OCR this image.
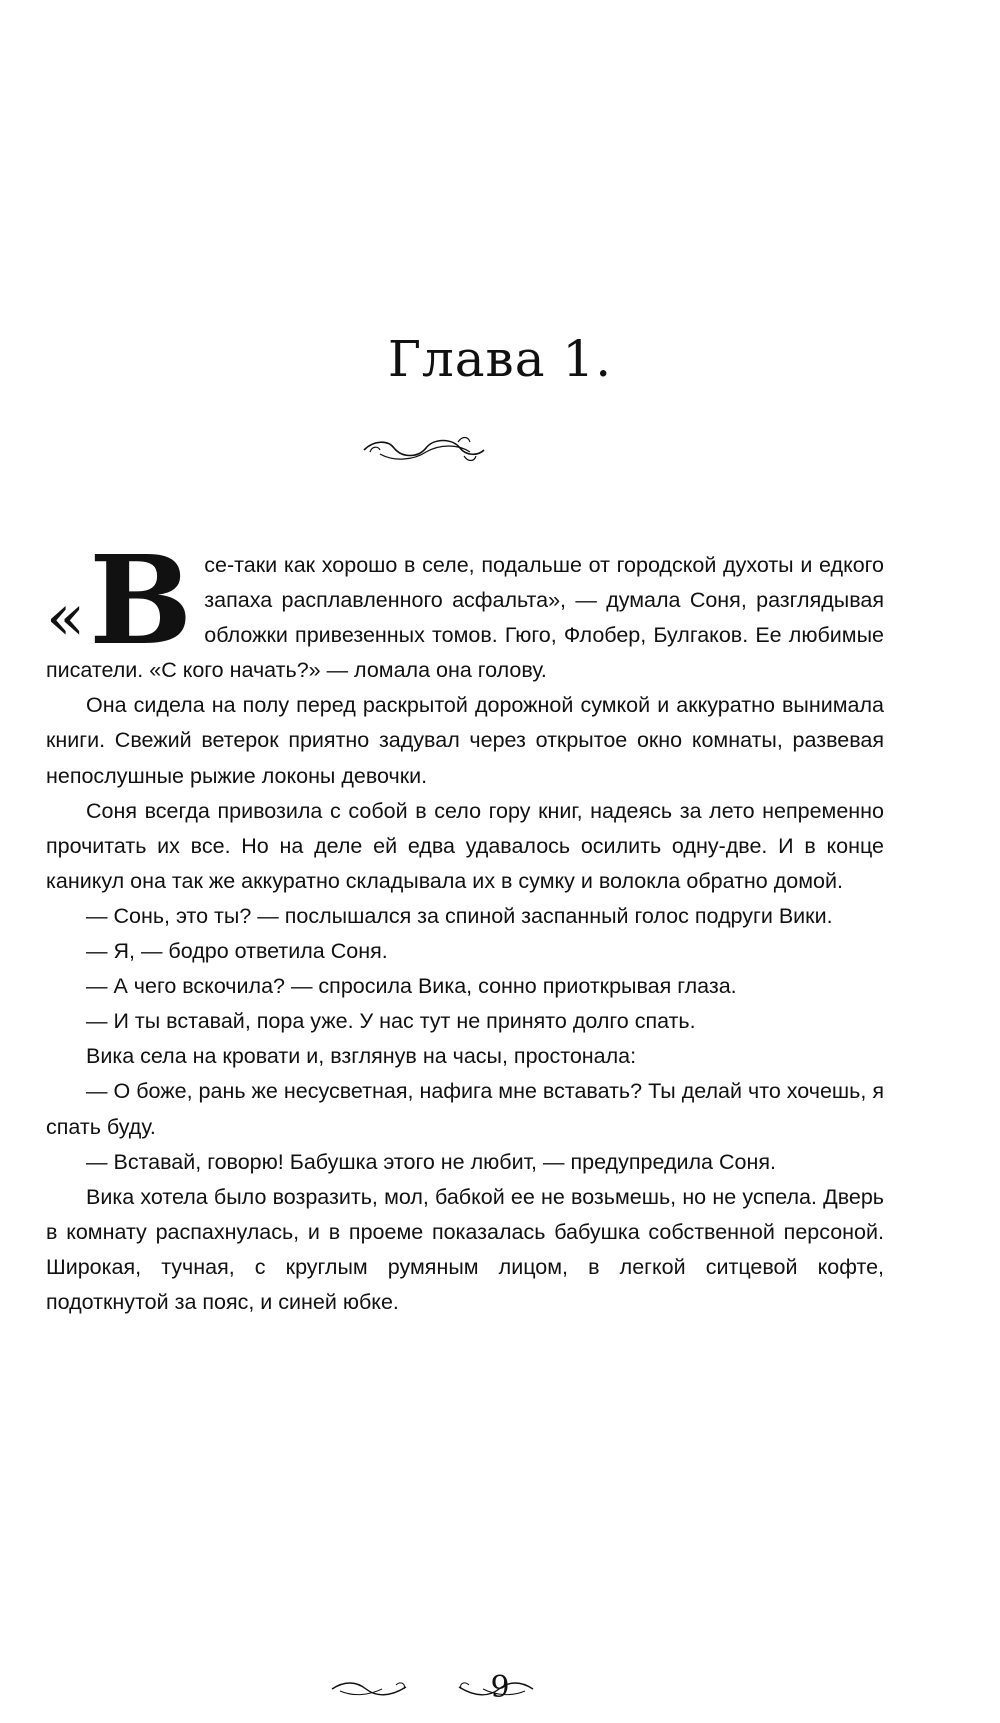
Глава 1.

« В се-таки как хорошо в селе, подальше от городской духоты и едкого запаха расплавленного асфальта», — думала Соня, разглядывая обложки привезенных томов. Гюго, Флобер, Булгаков. Ее любимые писатели. «С кого начать?» — ломала она голову.

Она сидела на полу перед раскрытой дорожной сумкой и аккуратно вынимала книги. Свежий ветерок приятно задувал через открытое окно комнаты, развевая непослушные рыжие локоны девочки.

Соня всегда привозила с собой в село гору книг, надеясь за лето непременно прочитать их все. Но на деле ей едва удавалось осилить одну-две. И в конце каникул она так же аккуратно складывала их в сумку и волокла обратно домой.

— Сонь, это ты? — послышался за спиной заспанный голос подруги Вики.

— Я, — бодро ответила Соня.

— А чего вскочила? — спросила Вика, сонно приоткрывая глаза.

— И ты вставай, пора уже. У нас тут не принято долго спать.

Вика села на кровати и, взглянув на часы, простонала:

— О боже, рань же несусветная, нафига мне вставать? Ты делай что хочешь, я спать буду.

— Вставай, говорю! Бабушка этого не любит, — предупредила Соня.

Вика хотела было возразить, мол, бабкой ее не возьмешь, но не успела. Дверь в комнату распахнулась, и в проеме показалась бабушка собственной персоной. Широкая, тучная, с круглым румяным лицом, в легкой ситцевой кофте, подоткнутой за пояс, и синей юбке.

9
